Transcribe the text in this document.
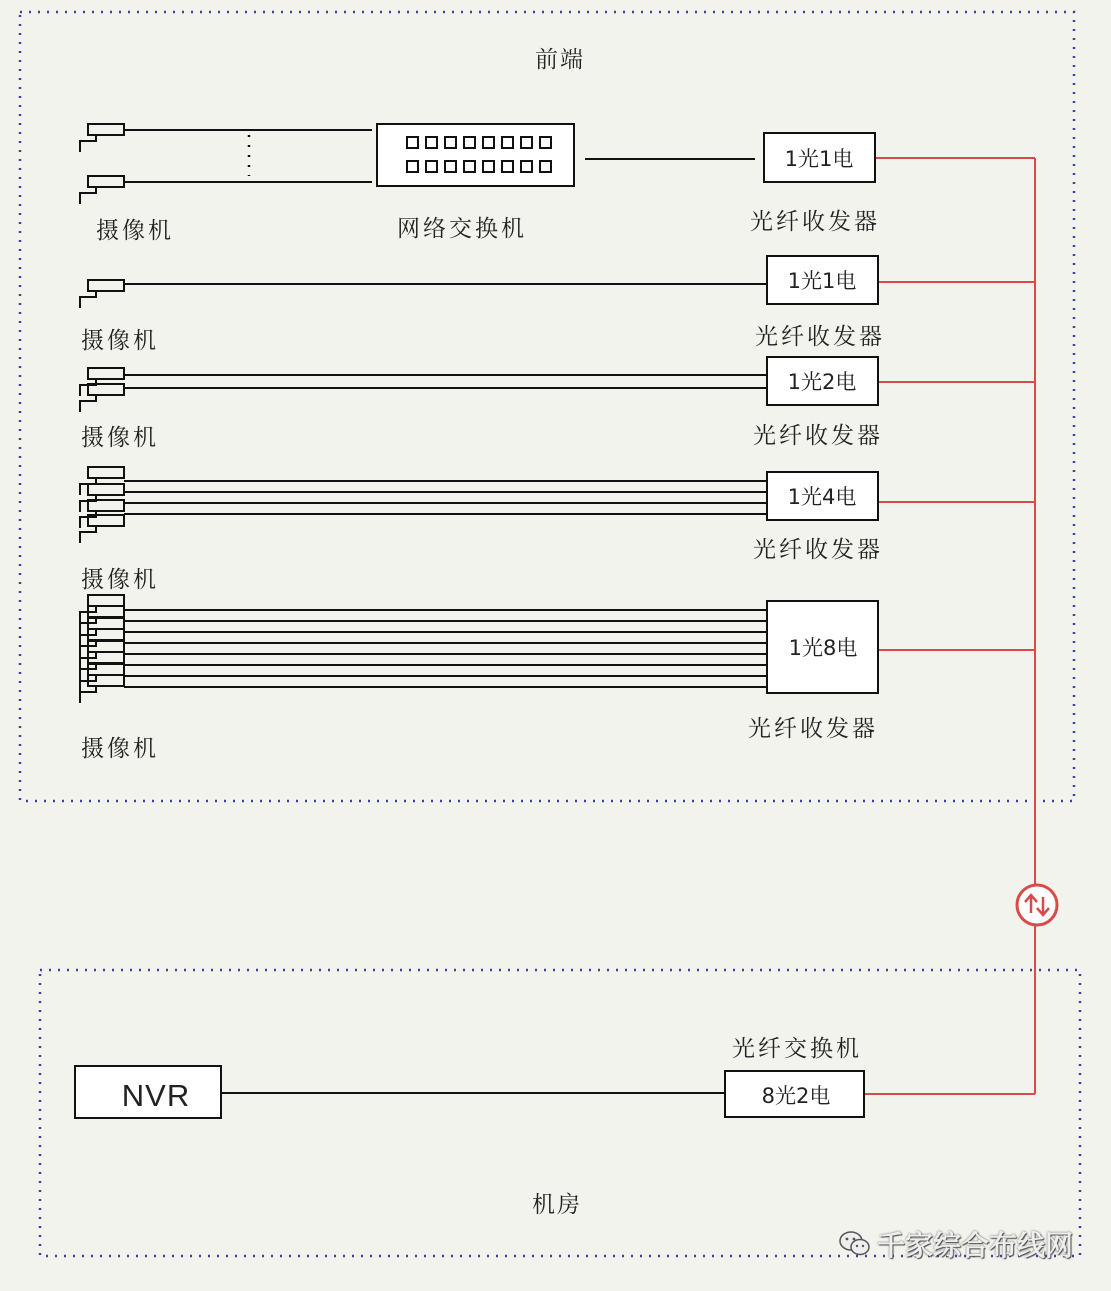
前端
机房
摄像机	网络交换机	光纤收发器
摄像机	光纤收发器
摄像机	光纤收发器
摄像机
光纤收发器
摄像机
光纤收发器
光纤交换机
1光1电
1光1电
1光2电
1光4电
1光8电
NVR	8光2电
千家综合布线网
